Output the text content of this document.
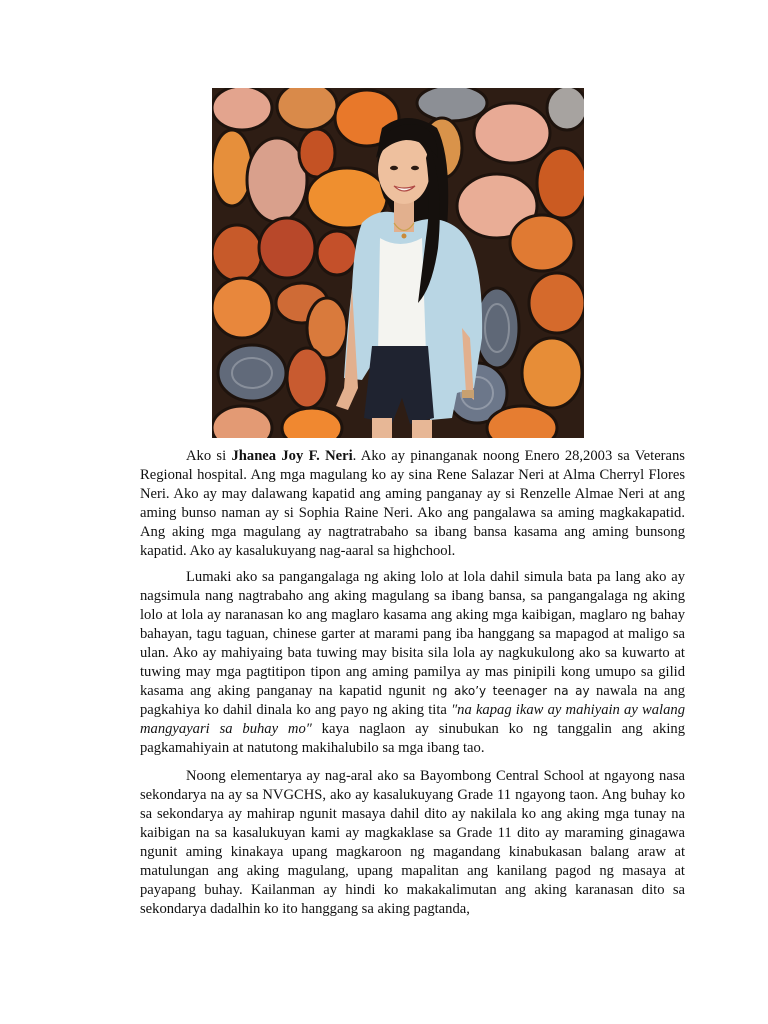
Ako si Jhanea Joy F. Neri. Ako ay pinanganak noong Enero 28,2003 sa Veterans Regional hospital. Ang mga magulang ko ay sina Rene Salazar Neri at Alma Cherryl Flores Neri. Ako ay may dalawang kapatid ang aming panganay ay si Renzelle Almae Neri at ang aming bunso naman ay si Sophia Raine Neri. Ako ang pangalawa sa aming magkakapatid. Ang aking mga magulang ay nagtratrabaho sa ibang bansa kasama ang aming bunsong kapatid. Ako ay kasalukuyang nag-aaral sa highchool.

Lumaki ako sa pangangalaga ng aking lolo at lola dahil simula bata pa lang ako ay nagsimula nang nagtrabaho ang aking magulang sa ibang bansa, sa pangangalaga ng aking lolo at lola ay naranasan ko ang maglaro kasama ang aking mga kaibigan, maglaro ng bahay bahayan, tagu taguan, chinese garter at marami pang iba hanggang sa mapagod at maligo sa ulan. Ako ay mahiyaing bata tuwing may bisita sila lola ay nagkukulong ako sa kuwarto at tuwing may mga pagtitipon tipon ang aming pamilya ay mas pinipili kong umupo sa gilid kasama ang aking panganay na kapatid ngunit ng ako’y teenager na ay nawala na ang pagkahiya ko dahil dinala ko ang payo ng aking tita ″na kapag ikaw ay mahiyain ay walang mangyayari sa buhay mo″ kaya naglaon ay sinubukan ko ng tanggalin ang aking pagkamahiyain at natutong makihalubilo sa mga ibang tao.

Noong elementarya ay nag-aral ako sa Bayombong Central School at ngayong nasa sekondarya na ay sa NVGCHS, ako ay kasalukuyang Grade 11 ngayong taon. Ang buhay ko sa sekondarya ay mahirap ngunit masaya dahil dito ay nakilala ko ang aking mga tunay na kaibigan na sa kasalukuyan kami ay magkaklase sa Grade 11 dito ay maraming ginagawa ngunit aming kinakaya upang magkaroon ng magandang kinabukasan balang araw at matulungan ang aking magulang, upang mapalitan ang kanilang pagod ng masaya at payapang buhay. Kailanman ay hindi ko makakalimutan ang aking karanasan dito sa sekondarya dadalhin ko ito hanggang sa aking pagtanda,
